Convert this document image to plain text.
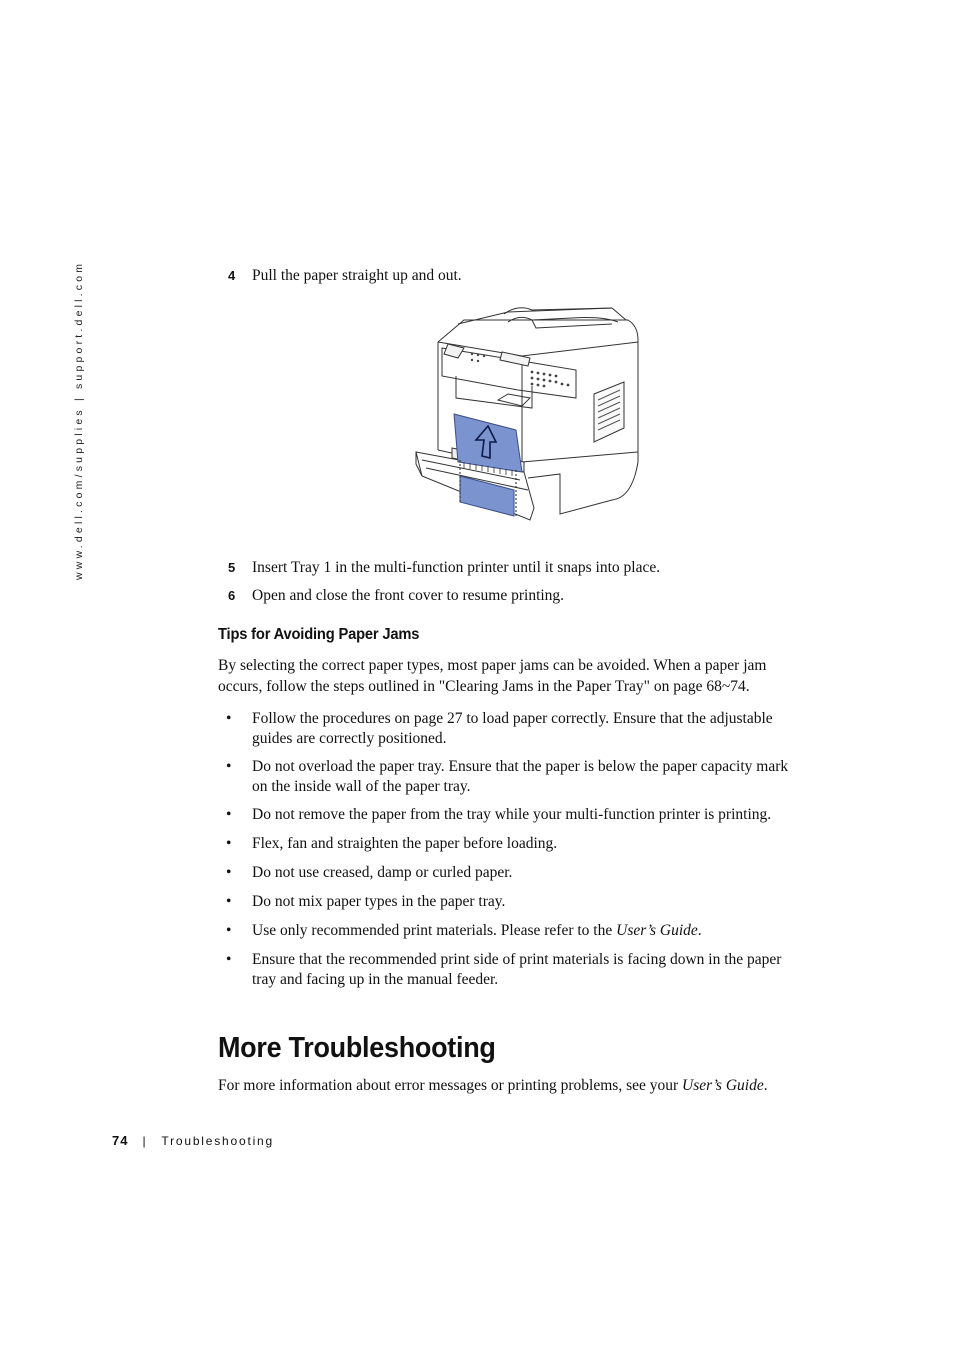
www.dell.com/supplies | support.dell.com	4 Pull the paper straight up and out.
5 Insert Tray 1 in the multi-function printer until it snaps into place.
6 Open and close the front cover to resume printing.
Tips for Avoiding Paper Jams

By selecting the correct paper types, most paper jams can be avoided. When a paper jam
occurs, follow the steps outlined in "Clearing Jams in the Paper Tray" on page 68~74.

• Follow the procedures on page 27 to load paper correctly. Ensure that the adjustable
guides are correctly positioned.
• Do not overload the paper tray. Ensure that the paper is below the paper capacity mark
on the inside wall of the paper tray.
• Do not remove the paper from the tray while your multi-function printer is printing.
• Flex, fan and straighten the paper before loading.
• Do not use creased, damp or curled paper.
• Do not mix paper types in the paper tray.
• Use only recommended print materials. Please refer to the User’s Guide.
• Ensure that the recommended print side of print materials is facing down in the paper
tray and facing up in the manual feeder.
More Troubleshooting

For more information about error messages or printing problems, see your User’s Guide.

74 | Troubleshooting
